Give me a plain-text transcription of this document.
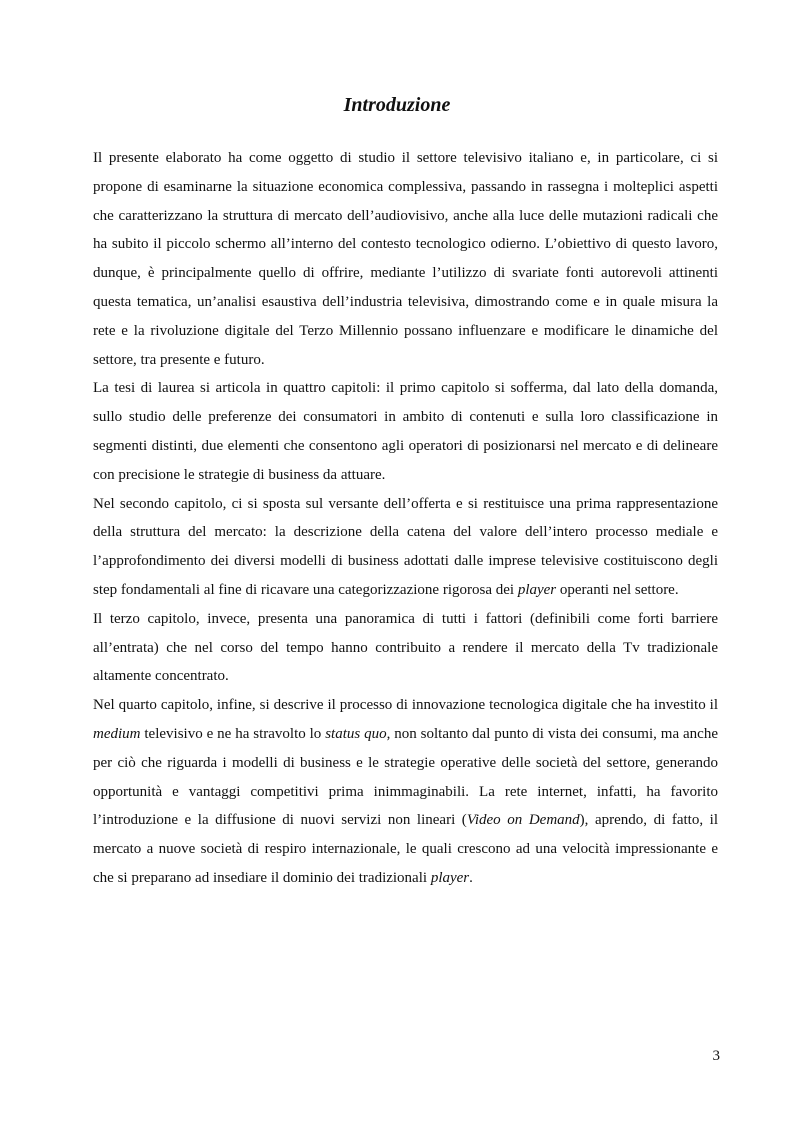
Introduzione

Il presente elaborato ha come oggetto di studio il settore televisivo italiano e, in particolare, ci si propone di esaminarne la situazione economica complessiva, passando in rassegna i molteplici aspetti che caratterizzano la struttura di mercato dell’audiovisivo, anche alla luce delle mutazioni radicali che ha subito il piccolo schermo all’interno del contesto tecnologico odierno. L’obiettivo di questo lavoro, dunque, è principalmente quello di offrire, mediante l’utilizzo di svariate fonti autorevoli attinenti questa tematica, un’analisi esaustiva dell’industria televisiva, dimostrando come e in quale misura la rete e la rivoluzione digitale del Terzo Millennio possano influenzare e modificare le dinamiche del settore, tra presente e futuro.

La tesi di laurea si articola in quattro capitoli: il primo capitolo si sofferma, dal lato della domanda, sullo studio delle preferenze dei consumatori in ambito di contenuti e sulla loro classificazione in segmenti distinti, due elementi che consentono agli operatori di posizionarsi nel mercato e di delineare con precisione le strategie di business da attuare.

Nel secondo capitolo, ci si sposta sul versante dell’offerta e si restituisce una prima rappresentazione della struttura del mercato: la descrizione della catena del valore dell’intero processo mediale e l’approfondimento dei diversi modelli di business adottati dalle imprese televisive costituiscono degli step fondamentali al fine di ricavare una categorizzazione rigorosa dei player operanti nel settore.

Il terzo capitolo, invece, presenta una panoramica di tutti i fattori (definibili come forti barriere all’entrata) che nel corso del tempo hanno contribuito a rendere il mercato della Tv tradizionale altamente concentrato.

Nel quarto capitolo, infine, si descrive il processo di innovazione tecnologica digitale che ha investito il medium televisivo e ne ha stravolto lo status quo, non soltanto dal punto di vista dei consumi, ma anche per ciò che riguarda i modelli di business e le strategie operative delle società del settore, generando opportunità e vantaggi competitivi prima inimmaginabili. La rete internet, infatti, ha favorito l’introduzione e la diffusione di nuovi servizi non lineari (Video on Demand), aprendo, di fatto, il mercato a nuove società di respiro internazionale, le quali crescono ad una velocità impressionante e che si preparano ad insediare il dominio dei tradizionali player.

3
